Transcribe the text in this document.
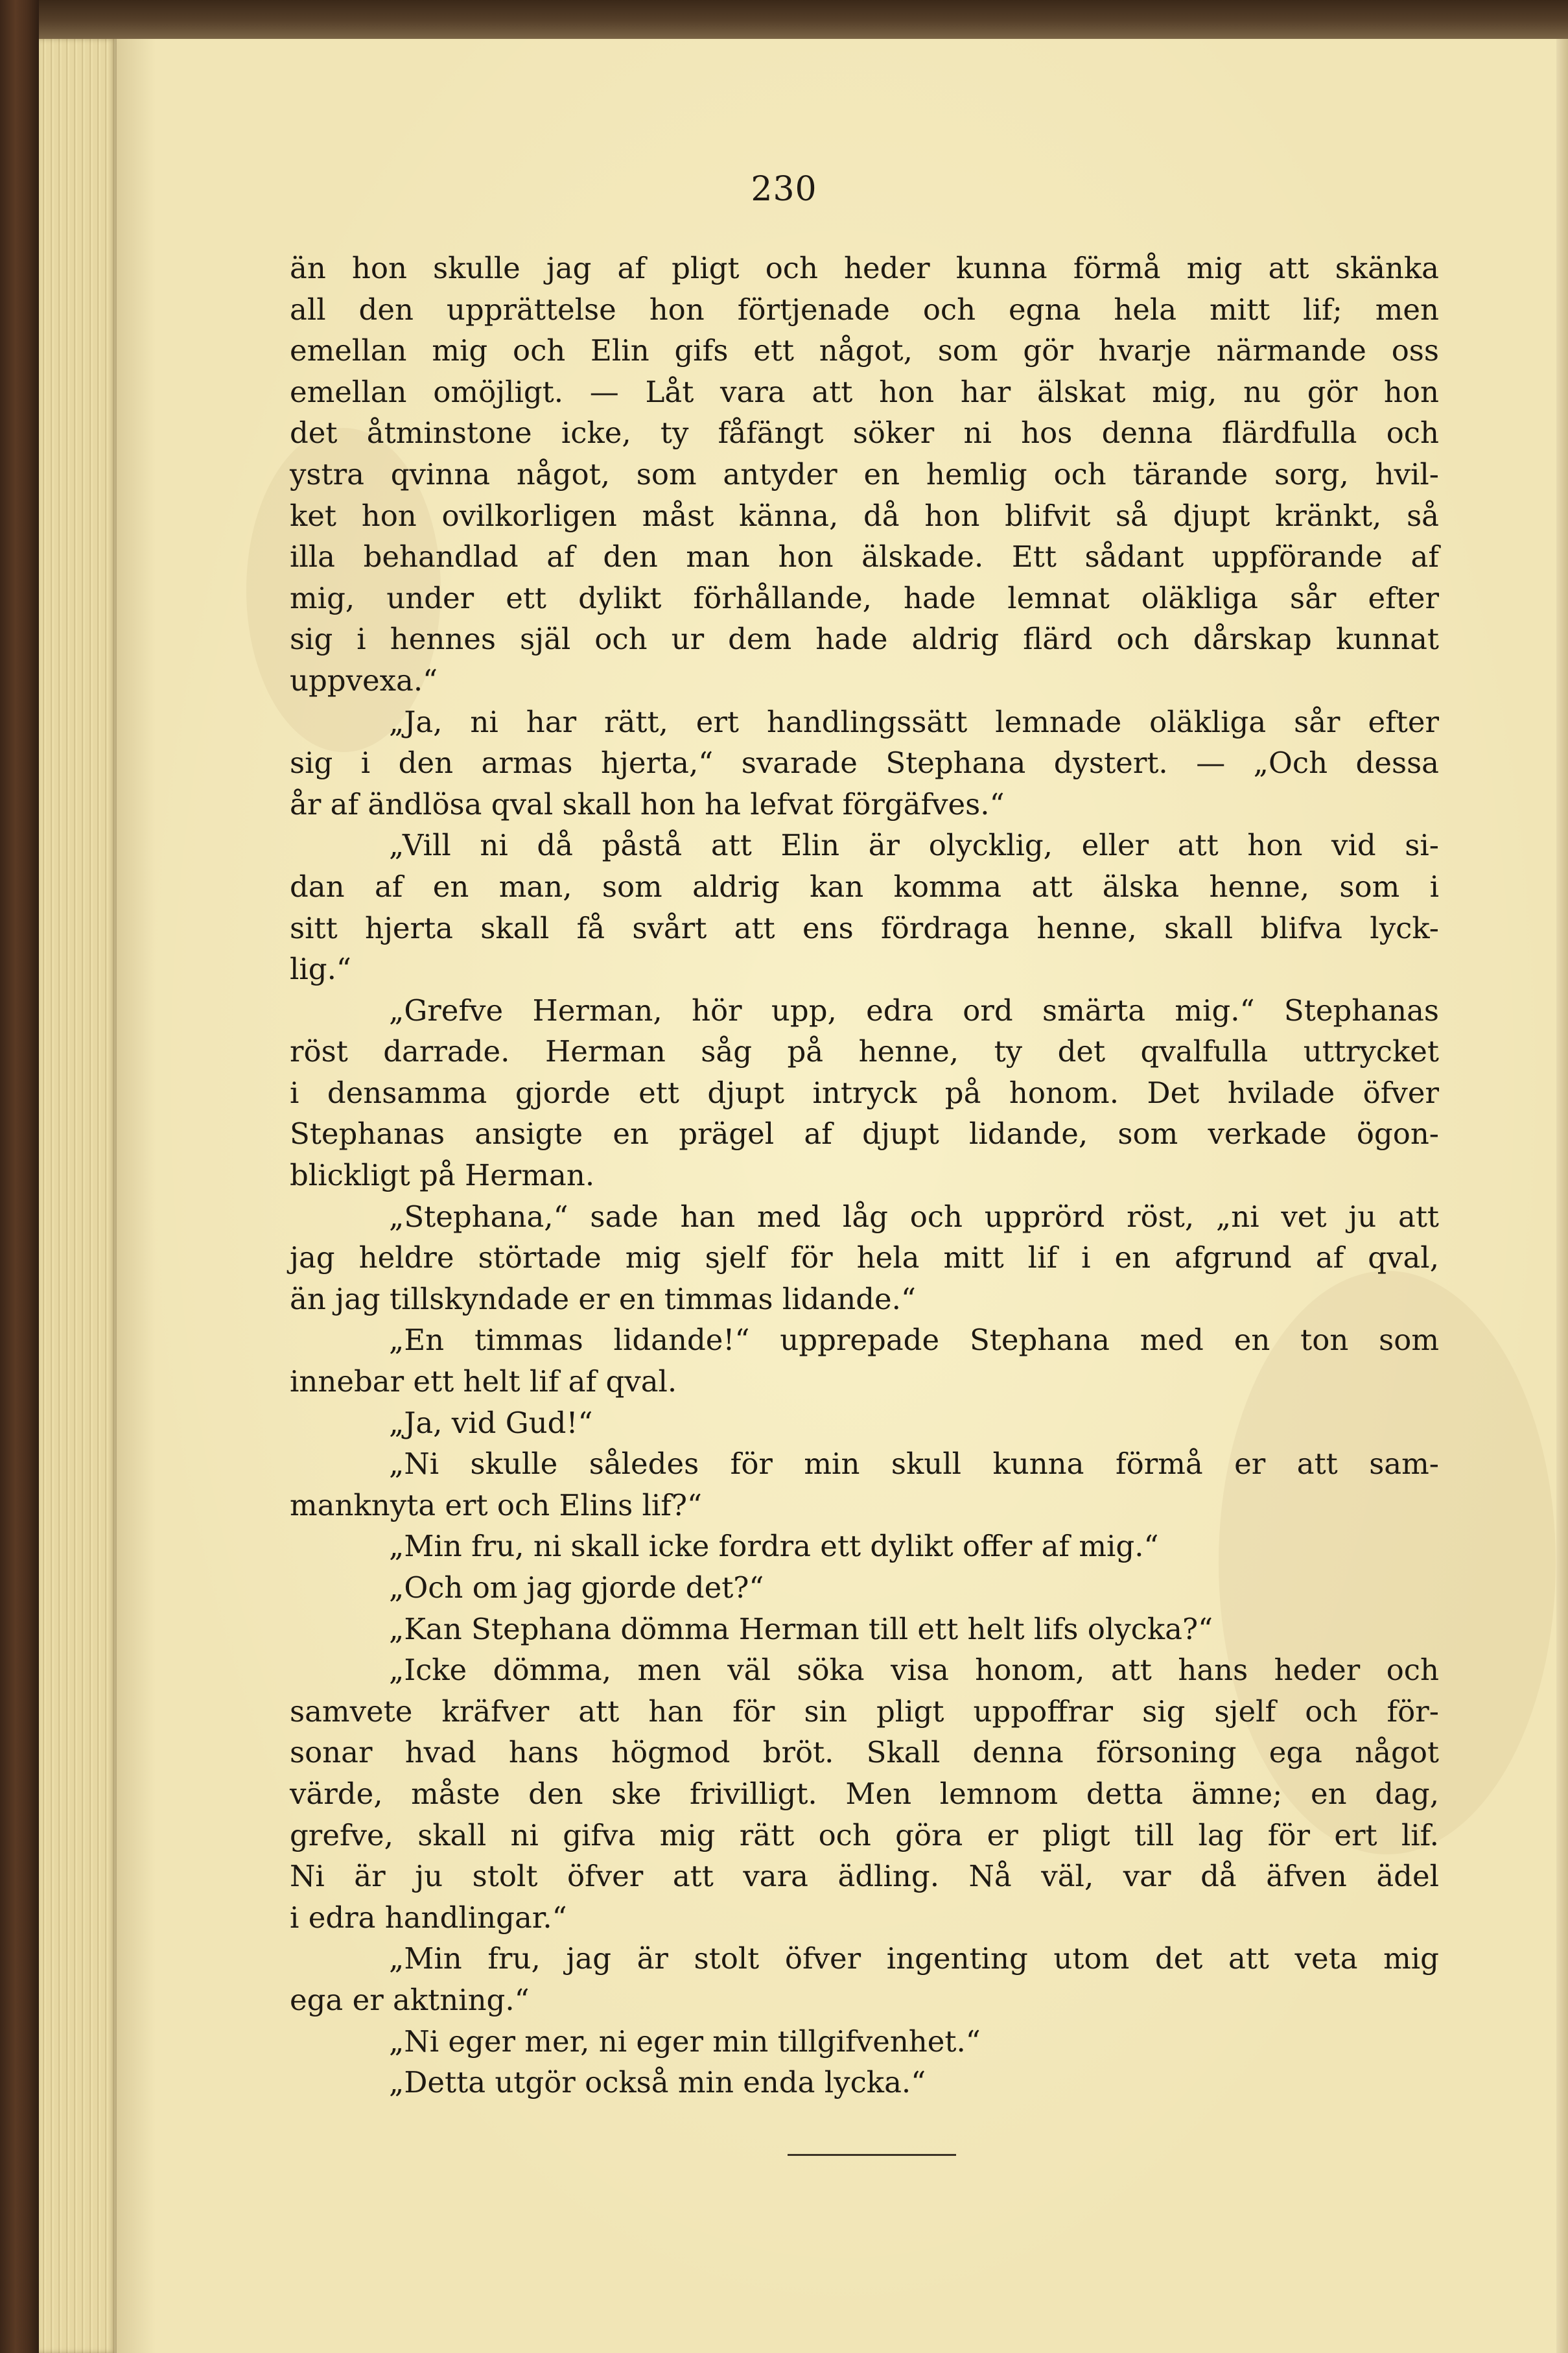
230
än hon skulle jag af pligt och heder kunna förmå mig att skänka
all den upprättelse hon förtjenade och egna hela mitt lif; men
emellan mig och Elin gifs ett något, som gör hvarje närmande oss
emellan omöjligt. — Låt vara att hon har älskat mig, nu gör hon
det åtminstone icke, ty fåfängt söker ni hos denna flärdfulla och
ystra qvinna något, som antyder en hemlig och tärande sorg, hvil-
ket hon ovilkorligen måst känna, då hon blifvit så djupt kränkt, så
illa behandlad af den man hon älskade. Ett sådant uppförande af
mig, under ett dylikt förhållande, hade lemnat oläkliga sår efter
sig i hennes själ och ur dem hade aldrig flärd och dårskap kunnat
uppvexa.“
„Ja, ni har rätt, ert handlingssätt lemnade oläkliga sår efter
sig i den armas hjerta,“ svarade Stephana dystert. — „Och dessa
år af ändlösa qval skall hon ha lefvat förgäfves.“
„Vill ni då påstå att Elin är olycklig, eller att hon vid si-
dan af en man, som aldrig kan komma att älska henne, som i
sitt hjerta skall få svårt att ens fördraga henne, skall blifva lyck-
lig.“
„Grefve Herman, hör upp, edra ord smärta mig.“ Stephanas
röst darrade. Herman såg på henne, ty det qvalfulla uttrycket
i densamma gjorde ett djupt intryck på honom. Det hvilade öfver
Stephanas ansigte en prägel af djupt lidande, som verkade ögon-
blickligt på Herman.
„Stephana,“ sade han med låg och upprörd röst, „ni vet ju att
jag heldre störtade mig sjelf för hela mitt lif i en afgrund af qval,
än jag tillskyndade er en timmas lidande.“
„En timmas lidande!“ upprepade Stephana med en ton som
innebar ett helt lif af qval.
„Ja, vid Gud!“
„Ni skulle således för min skull kunna förmå er att sam-
manknyta ert och Elins lif?“
„Min fru, ni skall icke fordra ett dylikt offer af mig.“
„Och om jag gjorde det?“
„Kan Stephana dömma Herman till ett helt lifs olycka?“
„Icke dömma, men väl söka visa honom, att hans heder och
samvete kräfver att han för sin pligt uppoffrar sig sjelf och för-
sonar hvad hans högmod bröt. Skall denna försoning ega något
värde, måste den ske frivilligt. Men lemnom detta ämne; en dag,
grefve, skall ni gifva mig rätt och göra er pligt till lag för ert lif.
Ni är ju stolt öfver att vara ädling. Nå väl, var då äfven ädel
i edra handlingar.“
„Min fru, jag är stolt öfver ingenting utom det att veta mig
ega er aktning.“
„Ni eger mer, ni eger min tillgifvenhet.“
„Detta utgör också min enda lycka.“
